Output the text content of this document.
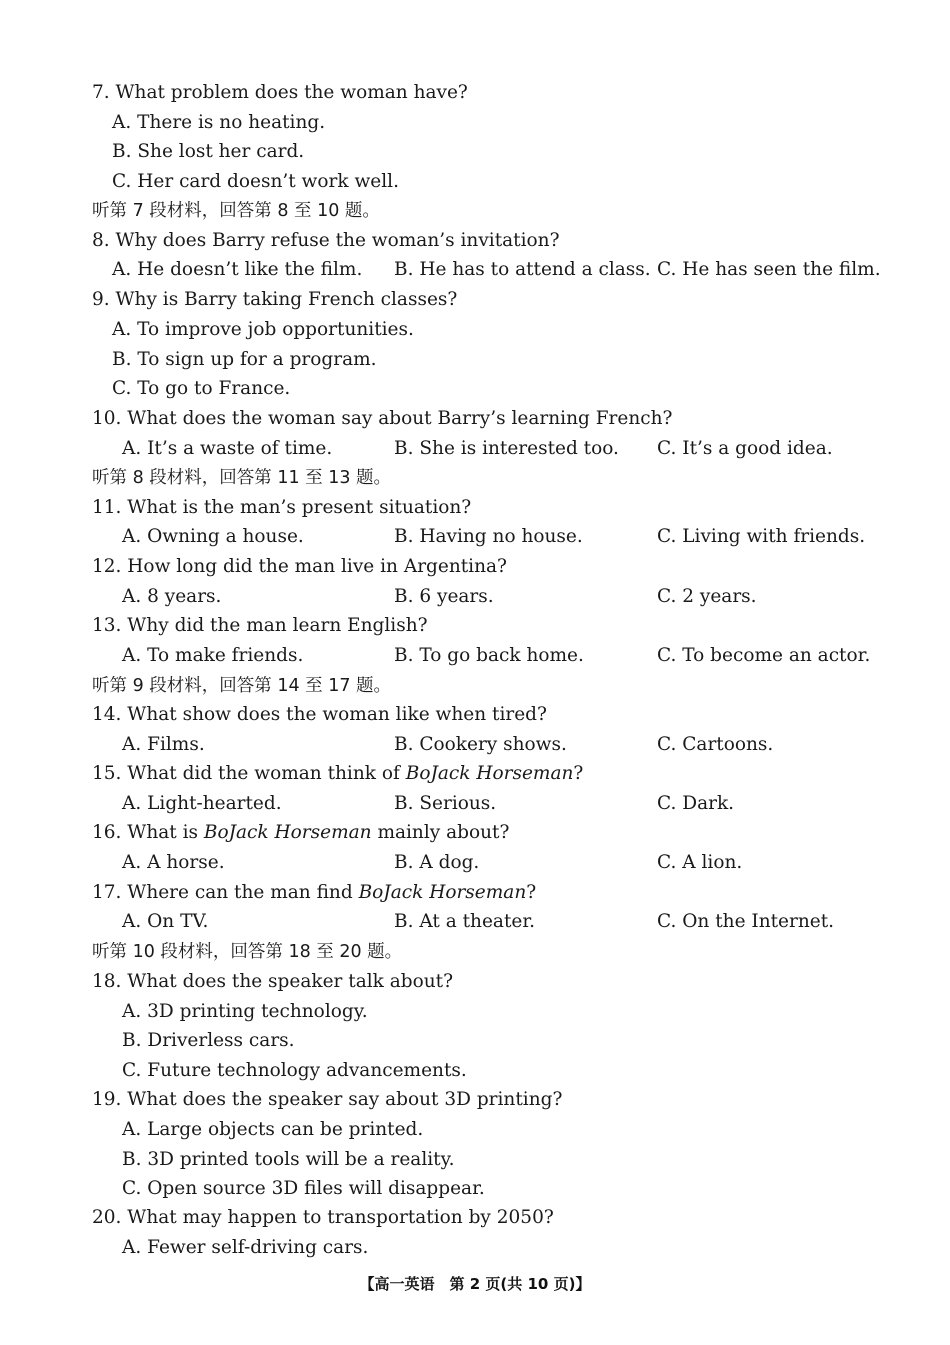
7. What problem does the woman have?
A. There is no heating.
B. She lost her card.
C. Her card doesn’t work well.
听第 7 段材料，回答第 8 至 10 题。
8. Why does Barry refuse the woman’s invitation?
A. He doesn’t like the film. B. He has to attend a class. C. He has seen the film.
9. Why is Barry taking French classes?
A. To improve job opportunities.
B. To sign up for a program.
C. To go to France.
10. What does the woman say about Barry’s learning French?
A. It’s a waste of time.	B. She is interested too. C. It’s a good idea.
听第 8 段材料，回答第 11 至 13 题。
11. What is the man’s present situation?
A. Owning a house.	B. Having no house.	C. Living with friends.
12. How long did the man live in Argentina?
A. 8 years.	B. 6 years.	C. 2 years.
13. Why did the man learn English?
A. To make friends.	B. To go back home.	C. To become an actor.
听第 9 段材料，回答第 14 至 17 题。
14. What show does the woman like when tired?
A. Films.	B. Cookery shows.	C. Cartoons.
15. What did the woman think of BoJack Horseman?
A. Light-hearted.	B. Serious.	C. Dark.
16. What is BoJack Horseman mainly about?
A. A horse.	B. A dog.	C. A lion.
17. Where can the man find BoJack Horseman?
A. On TV.	B. At a theater.	C. On the Internet.
听第 10 段材料，回答第 18 至 20 题。
18. What does the speaker talk about?
A. 3D printing technology.
B. Driverless cars.
C. Future technology advancements.
19. What does the speaker say about 3D printing?
A. Large objects can be printed.
B. 3D printed tools will be a reality.
C. Open source 3D files will disappear.
20. What may happen to transportation by 2050?
A. Fewer self-driving cars.
【高一英语　第 2 页(共 10 页)】
